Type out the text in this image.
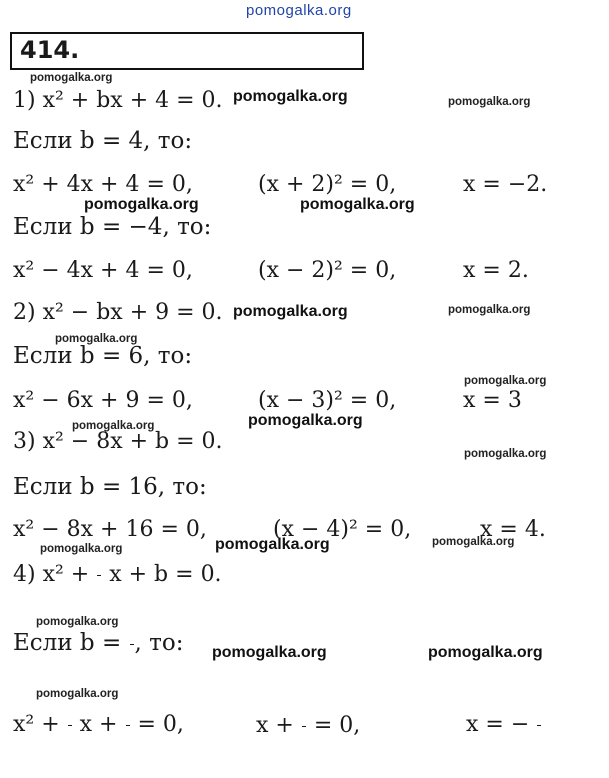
pomogalka.org
414.
pomogalka.org
pomogalka.org
pomogalka.org
pomogalka.org
pomogalka.org
pomogalka.org
pomogalka.org
pomogalka.org
pomogalka.org
pomogalka.org
pomogalka.org
pomogalka.org
pomogalka.org	pomogalka.org
pomogalka.org
pomogalka.org
pomogalka.org
pomogalka.org	pomogalka.org
1) x² + bx + 4 = 0.
Если b = 4, то:
x² + 4x + 4 = 0,	(x + 2)² = 0,	x = −2.
Если b = −4, то:
x² − 4x + 4 = 0,	(x − 2)² = 0,	x = 2.
2) x² − bx + 9 = 0.
Если b = 6, то:
x² − 6x + 9 = 0,	(x − 3)² = 0,	x = 3
3) x² − 8x + b = 0.
Если b = 16, то:
x² − 8x + 16 = 0,	(x − 4)² = 0,	x = 4.
4) x² + x + b = 0.
Если b = , то:
x² + x + = 0,	x + = 0,	x = −
